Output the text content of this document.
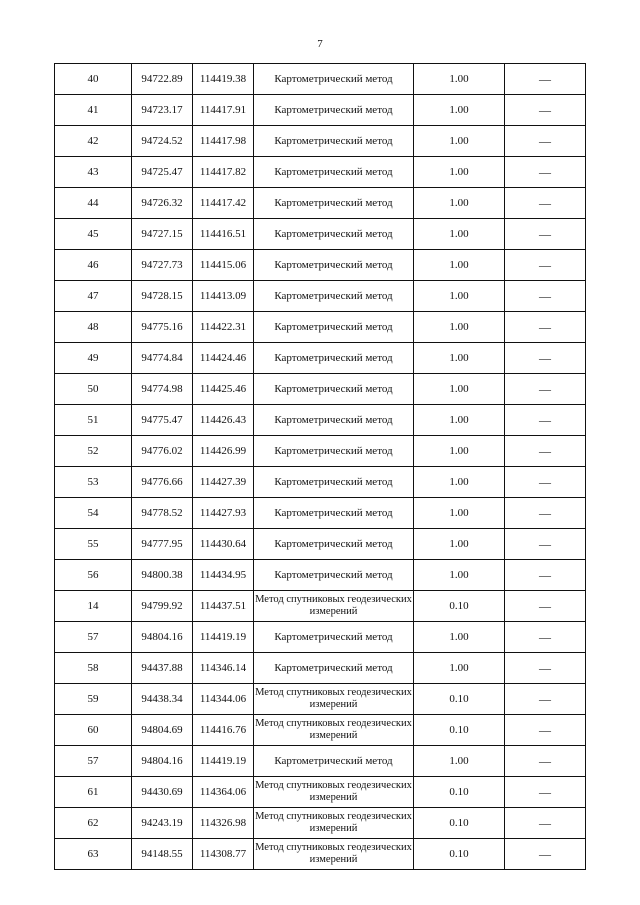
7
40	94722.89	114419.38	Картометрический метод	1.00	—
41	94723.17	114417.91	Картометрический метод	1.00	—
42	94724.52	114417.98	Картометрический метод	1.00	—
43	94725.47	114417.82	Картометрический метод	1.00	—
44	94726.32	114417.42	Картометрический метод	1.00	—
45	94727.15	114416.51	Картометрический метод	1.00	—
46	94727.73	114415.06	Картометрический метод	1.00	—
47	94728.15	114413.09	Картометрический метод	1.00	—
48	94775.16	114422.31	Картометрический метод	1.00	—
49	94774.84	114424.46	Картометрический метод	1.00	—
50	94774.98	114425.46	Картометрический метод	1.00	—
51	94775.47	114426.43	Картометрический метод	1.00	—
52	94776.02	114426.99	Картометрический метод	1.00	—
53	94776.66	114427.39	Картометрический метод	1.00	—
54	94778.52	114427.93	Картометрический метод	1.00	—
55	94777.95	114430.64	Картометрический метод	1.00	—
56	94800.38	114434.95	Картометрический метод	1.00	—
14	94799.92	114437.51	Метод спутниковых геодезических измерений	0.10	—
57	94804.16	114419.19	Картометрический метод	1.00	—
58	94437.88	114346.14	Картометрический метод	1.00	—
59	94438.34	114344.06	Метод спутниковых геодезических измерений	0.10	—
60	94804.69	114416.76	Метод спутниковых геодезических измерений	0.10	—
57	94804.16	114419.19	Картометрический метод	1.00	—
61	94430.69	114364.06	Метод спутниковых геодезических измерений	0.10	—
62	94243.19	114326.98	Метод спутниковых геодезических измерений	0.10	—
63	94148.55	114308.77	Метод спутниковых геодезических измерений	0.10	—
